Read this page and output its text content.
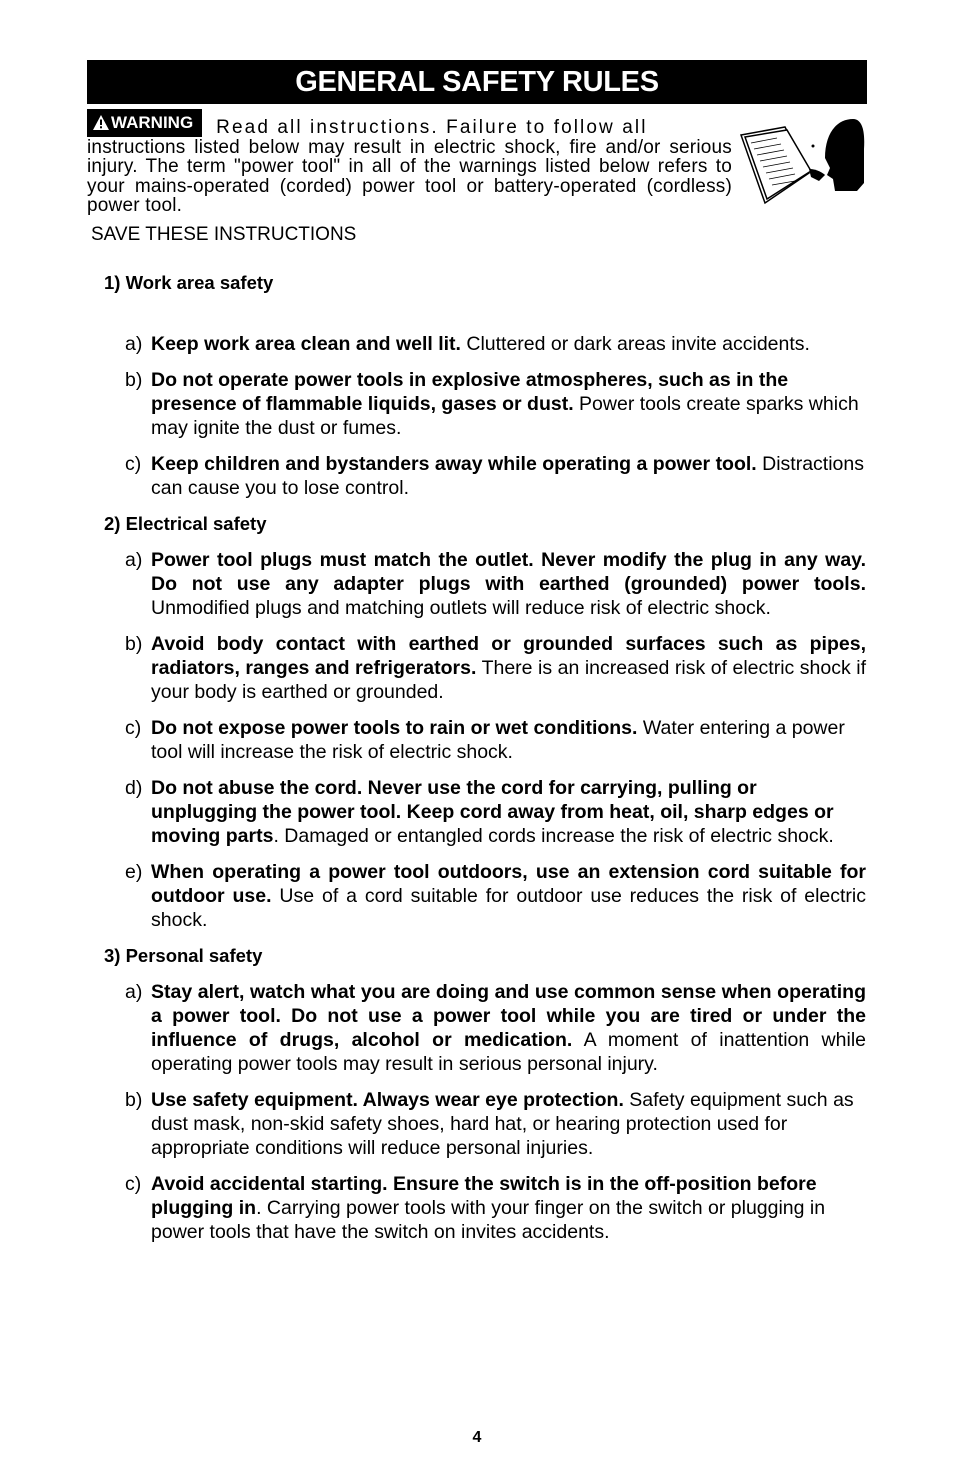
GENERAL SAFETY RULES
WARNING	Read all instructions. Failure to follow all
instructions listed below may result in electric shock, fire and/or serious injury. The term "power tool" in all of the warnings listed below refers to your mains-operated (corded) power tool or battery-operated (cordless) power tool.
SAVE THESE INSTRUCTIONS

1) Work area safety

a) Keep work area clean and well lit. Cluttered or dark areas invite accidents.

b) Do not operate power tools in explosive atmospheres, such as in the presence of flammable liquids, gases or dust. Power tools create sparks which may ignite the dust or fumes.

c) Keep children and bystanders away while operating a power tool. Distractions can cause you to lose control.

2) Electrical safety

a) Power tool plugs must match the outlet. Never modify the plug in any way. Do not use any adapter plugs with earthed (grounded) power tools. Unmodified plugs and matching outlets will reduce risk of electric shock.

b) Avoid body contact with earthed or grounded surfaces such as pipes, radiators, ranges and refrigerators. There is an increased risk of electric shock if your body is earthed or grounded.

c) Do not expose power tools to rain or wet conditions. Water entering a power tool will increase the risk of electric shock.

d) Do not abuse the cord. Never use the cord for carrying, pulling or unplugging the power tool. Keep cord away from heat, oil, sharp edges or moving parts. Damaged or entangled cords increase the risk of electric shock.

e) When operating a power tool outdoors, use an extension cord suitable for outdoor use. Use of a cord suitable for outdoor use reduces the risk of electric shock.

3) Personal safety

a) Stay alert, watch what you are doing and use common sense when operating a power tool. Do not use a power tool while you are tired or under the influence of drugs, alcohol or medication. A moment of inattention while operating power tools may result in serious personal injury.

b) Use safety equipment. Always wear eye protection. Safety equipment such as dust mask, non-skid safety shoes, hard hat, or hearing protection used for appropriate conditions will reduce personal injuries.

c) Avoid accidental starting. Ensure the switch is in the off-position before plugging in. Carrying power tools with your finger on the switch or plugging in power tools that have the switch on invites accidents.

4
